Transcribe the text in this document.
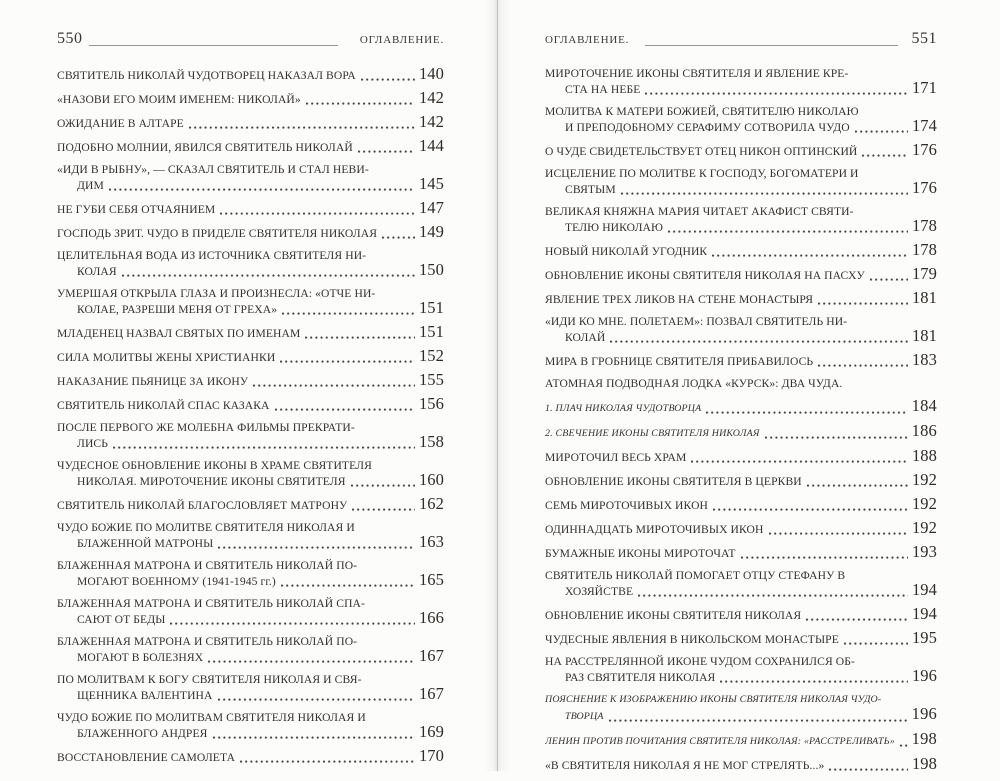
550	ОГЛАВЛЕНИЕ.
СВЯТИТЕЛЬ НИКОЛАЙ ЧУДОТВОРЕЦ НАКАЗАЛ ВОРА	140
«НАЗОВИ ЕГО МОИМ ИМЕНЕМ: НИКОЛАЙ»	142
ОЖИДАНИЕ В АЛТАРЕ	142
ПОДОБНО МОЛНИИ, ЯВИЛСЯ СВЯТИТЕЛЬ НИКОЛАЙ	144
«ИДИ В РЫБНУ», — СКАЗАЛ СВЯТИТЕЛЬ И СТАЛ НЕВИ-
ДИМ	145
НЕ ГУБИ СЕБЯ ОТЧАЯНИЕМ	147
ГОСПОДЬ ЗРИТ. ЧУДО В ПРИДЕЛЕ СВЯТИТЕЛЯ НИКОЛАЯ	149
ЦЕЛИТЕЛЬНАЯ ВОДА ИЗ ИСТОЧНИКА СВЯТИТЕЛЯ НИ-
КОЛАЯ	150
УМЕРШАЯ ОТКРЫЛА ГЛАЗА И ПРОИЗНЕСЛА: «ОТЧЕ НИ-
КОЛАЕ, РАЗРЕШИ МЕНЯ ОТ ГРЕХА»	151
МЛАДЕНЕЦ НАЗВАЛ СВЯТЫХ ПО ИМЕНАМ	151
СИЛА МОЛИТВЫ ЖЕНЫ ХРИСТИАНКИ	152
НАКАЗАНИЕ ПЬЯНИЦЕ ЗА ИКОНУ	155
СВЯТИТЕЛЬ НИКОЛАЙ СПАС КАЗАКА	156
ПОСЛЕ ПЕРВОГО ЖЕ МОЛЕБНА ФИЛЬМЫ ПРЕКРАТИ-
ЛИСЬ	158
ЧУДЕСНОЕ ОБНОВЛЕНИЕ ИКОНЫ В ХРАМЕ СВЯТИТЕЛЯ
НИКОЛАЯ. МИРОТОЧЕНИЕ ИКОНЫ СВЯТИТЕЛЯ	160
СВЯТИТЕЛЬ НИКОЛАЙ БЛАГОСЛОВЛЯЕТ МАТРОНУ	162
ЧУДО БОЖИЕ ПО МОЛИТВЕ СВЯТИТЕЛЯ НИКОЛАЯ И
БЛАЖЕННОЙ МАТРОНЫ	163
БЛАЖЕННАЯ МАТРОНА И СВЯТИТЕЛЬ НИКОЛАЙ ПО-
МОГАЮТ ВОЕННОМУ (1941-1945 гг.)	165
БЛАЖЕННАЯ МАТРОНА И СВЯТИТЕЛЬ НИКОЛАЙ СПА-
САЮТ ОТ БЕДЫ	166
БЛАЖЕННАЯ МАТРОНА И СВЯТИТЕЛЬ НИКОЛАЙ ПО-
МОГАЮТ В БОЛЕЗНЯХ	167
ПО МОЛИТВАМ К БОГУ СВЯТИТЕЛЯ НИКОЛАЯ И СВЯ-
ЩЕННИКА ВАЛЕНТИНА	167
ЧУДО БОЖИЕ ПО МОЛИТВАМ СВЯТИТЕЛЯ НИКОЛАЯ И
БЛАЖЕННОГО АНДРЕЯ	169
ВОССТАНОВЛЕНИЕ САМОЛЕТА	170
ОГЛАВЛЕНИЕ.	551
МИРОТОЧЕНИЕ ИКОНЫ СВЯТИТЕЛЯ И ЯВЛЕНИЕ КРЕ-
СТА НА НЕБЕ	171
МОЛИТВА К МАТЕРИ БОЖИЕЙ, СВЯТИТЕЛЮ НИКОЛАЮ
И ПРЕПОДОБНОМУ СЕРАФИМУ СОТВОРИЛА ЧУДО	174
О ЧУДЕ СВИДЕТЕЛЬСТВУЕТ ОТЕЦ НИКОН ОПТИНСКИЙ	176
ИСЦЕЛЕНИЕ ПО МОЛИТВЕ К ГОСПОДУ, БОГОМАТЕРИ И
СВЯТЫМ	176
ВЕЛИКАЯ КНЯЖНА МАРИЯ ЧИТАЕТ АКАФИСТ СВЯТИ-
ТЕЛЮ НИКОЛАЮ	178
НОВЫЙ НИКОЛАЙ УГОДНИК	178
ОБНОВЛЕНИЕ ИКОНЫ СВЯТИТЕЛЯ НИКОЛАЯ НА ПАСХУ	179
ЯВЛЕНИЕ ТРЕХ ЛИКОВ НА СТЕНЕ МОНАСТЫРЯ	181
«ИДИ КО МНЕ. ПОЛЕТАЕМ»: ПОЗВАЛ СВЯТИТЕЛЬ НИ-
КОЛАЙ	181
МИРА В ГРОБНИЦЕ СВЯТИТЕЛЯ ПРИБАВИЛОСЬ	183
АТОМНАЯ ПОДВОДНАЯ ЛОДКА «КУРСК»: ДВА ЧУДА.
1. ПЛАЧ НИКОЛАЯ ЧУДОТВОРЦА	184
2. СВЕЧЕНИЕ ИКОНЫ СВЯТИТЕЛЯ НИКОЛАЯ	186
МИРОТОЧИЛ ВЕСЬ ХРАМ	188
ОБНОВЛЕНИЕ ИКОНЫ СВЯТИТЕЛЯ В ЦЕРКВИ	192
СЕМЬ МИРОТОЧИВЫХ ИКОН	192
ОДИННАДЦАТЬ МИРОТОЧИВЫХ ИКОН	192
БУМАЖНЫЕ ИКОНЫ МИРОТОЧАТ	193
СВЯТИТЕЛЬ НИКОЛАЙ ПОМОГАЕТ ОТЦУ СТЕФАНУ В
ХОЗЯЙСТВЕ	194
ОБНОВЛЕНИЕ ИКОНЫ СВЯТИТЕЛЯ НИКОЛАЯ	194
ЧУДЕСНЫЕ ЯВЛЕНИЯ В НИКОЛЬСКОМ МОНАСТЫРЕ	195
НА РАССТРЕЛЯННОЙ ИКОНЕ ЧУДОМ СОХРАНИЛСЯ ОБ-
РАЗ СВЯТИТЕЛЯ НИКОЛАЯ	196
ПОЯСНЕНИЕ К ИЗОБРАЖЕНИЮ ИКОНЫ СВЯТИТЕЛЯ НИКОЛАЯ ЧУДО-
ТВОРЦА	196
ЛЕНИН ПРОТИВ ПОЧИТАНИЯ СВЯТИТЕЛЯ НИКОЛАЯ: «РАССТРЕЛИВАТЬ» 198
«В СВЯТИТЕЛЯ НИКОЛАЯ Я НЕ МОГ СТРЕЛЯТЬ...»	198
